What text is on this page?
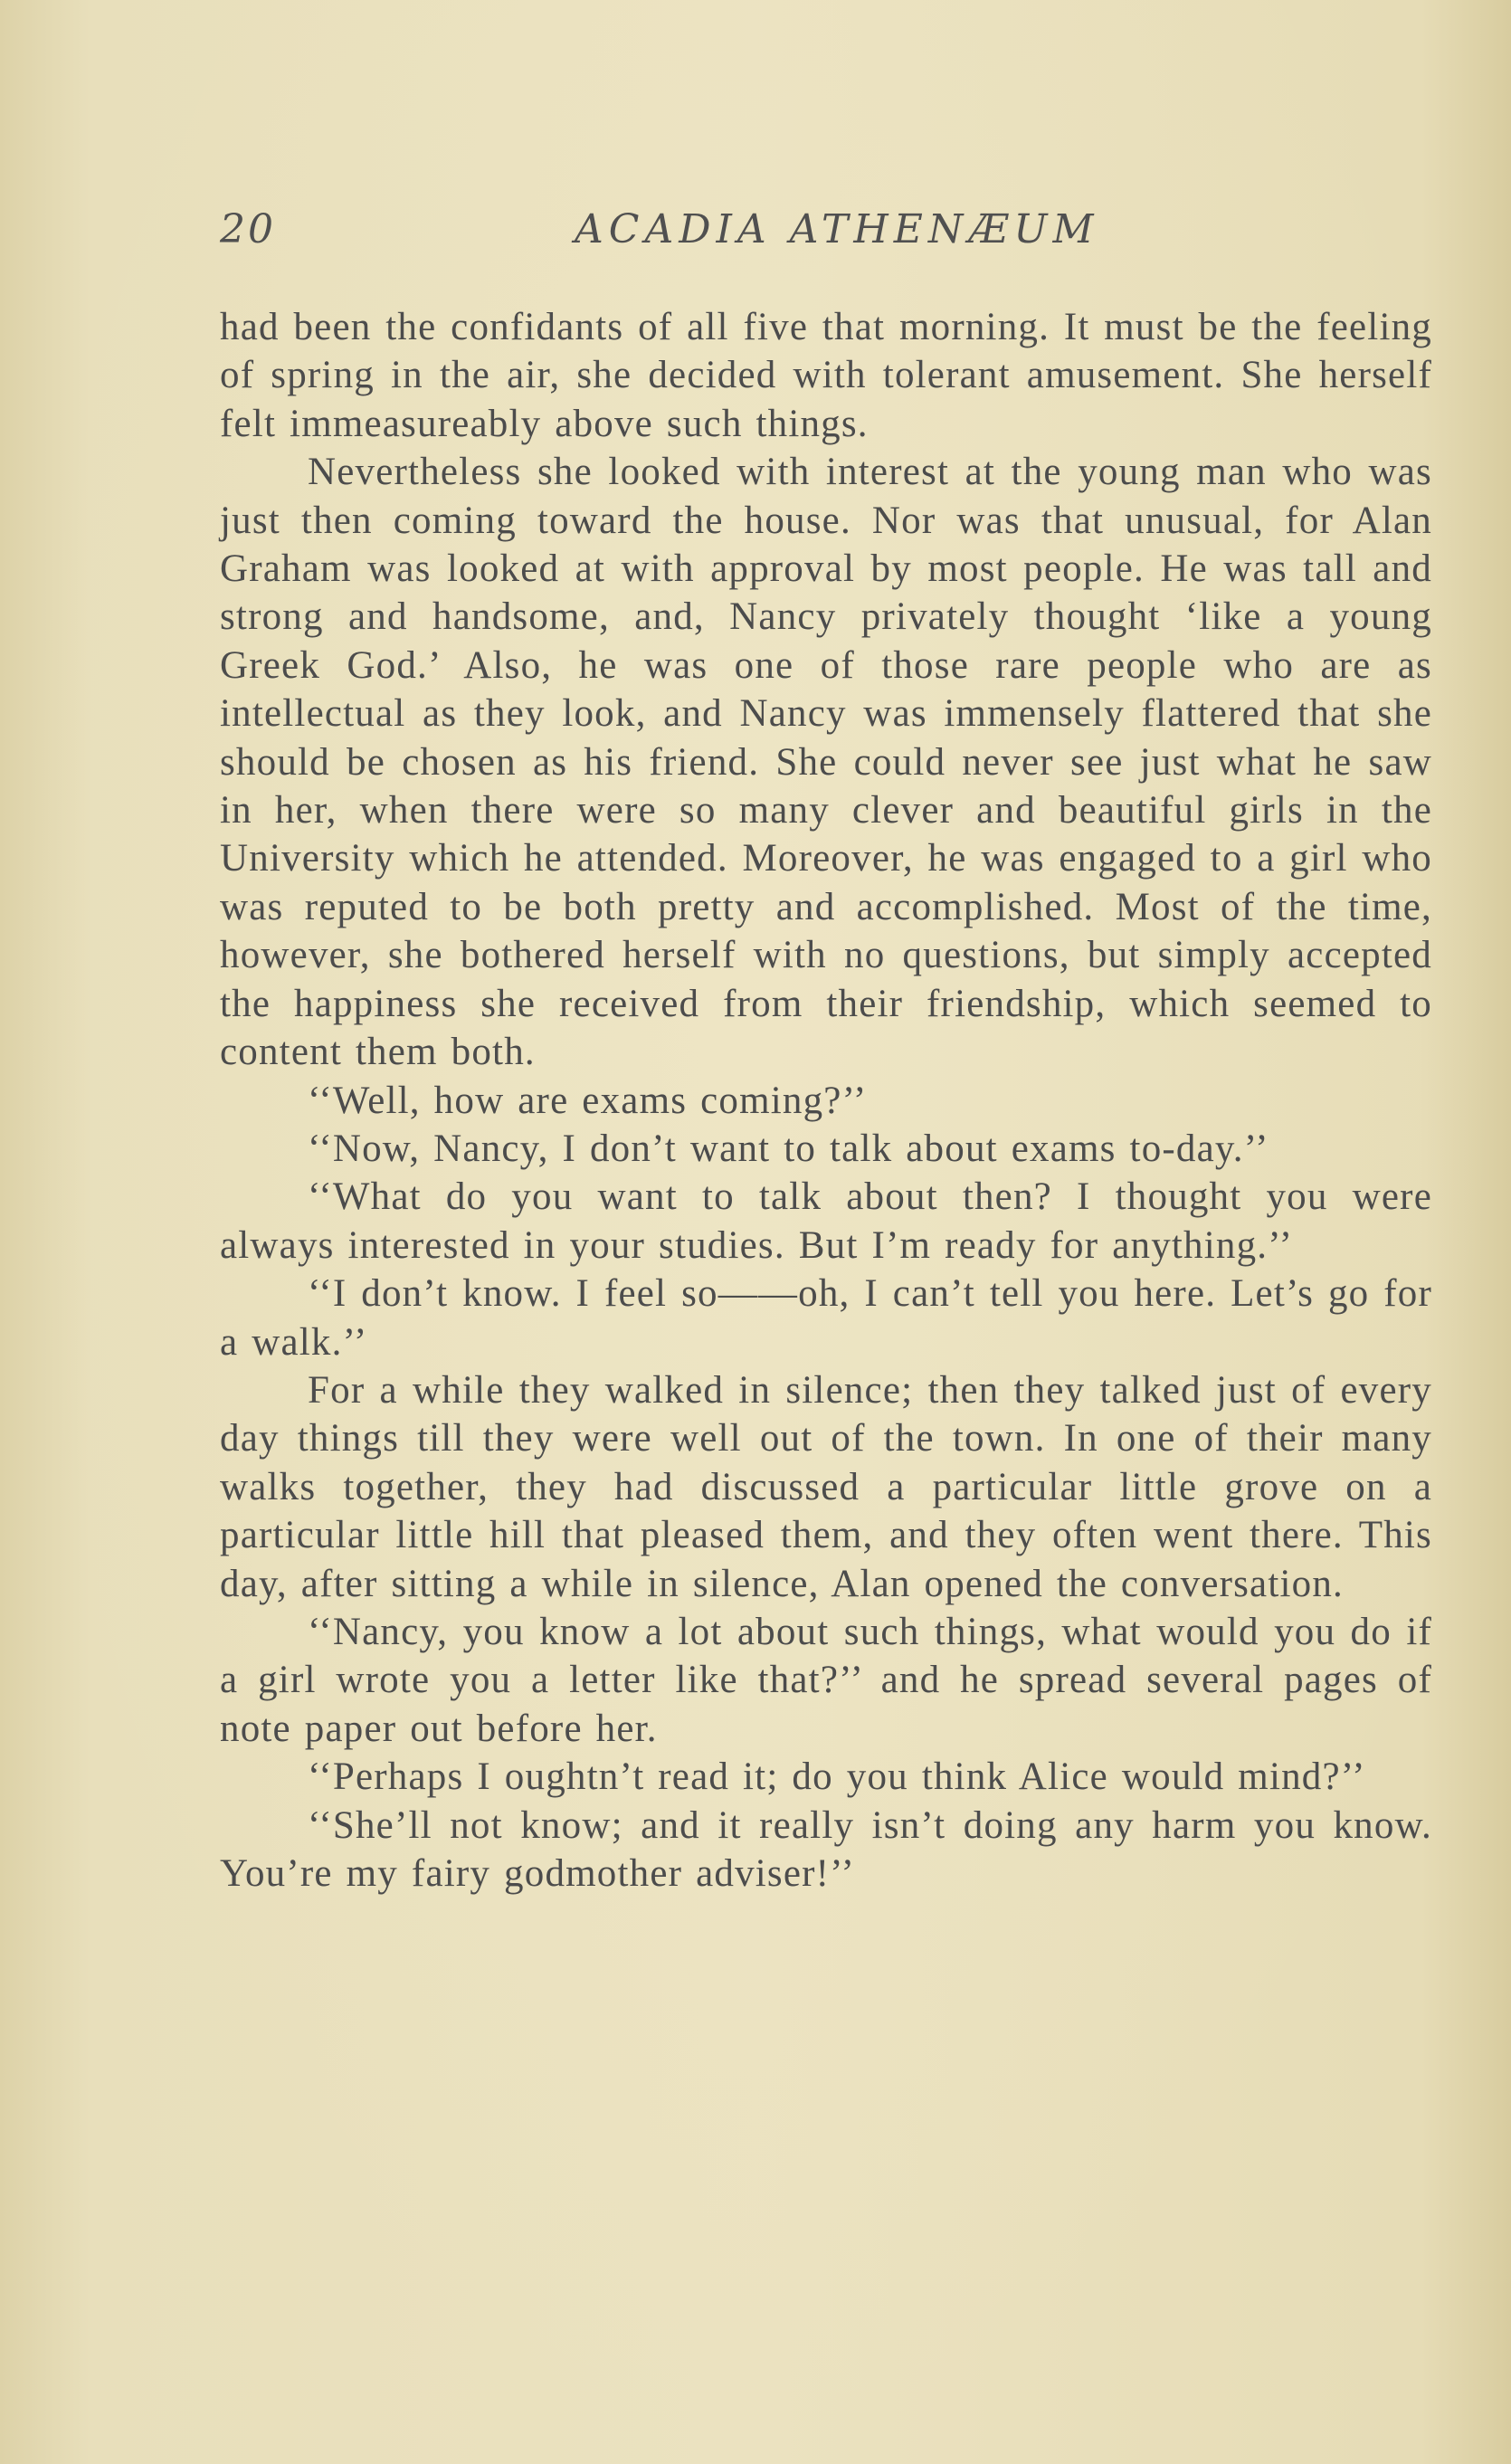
20	ACADIA ATHENÆUM

had been the confidants of all five that morning. It must be the feeling of spring in the air, she decided with tolerant amusement. She herself felt immeasureably above such things.

Nevertheless she looked with interest at the young man who was just then coming toward the house. Nor was that unusual, for Alan Graham was looked at with approval by most people. He was tall and strong and handsome, and, Nancy privately thought ‘like a young Greek God.’ Also, he was one of those rare people who are as intellectual as they look, and Nancy was immensely flattered that she should be chosen as his friend. She could never see just what he saw in her, when there were so many clever and beautiful girls in the University which he attended. Moreover, he was engaged to a girl who was reputed to be both pretty and accomplished. Most of the time, however, she bothered herself with no questions, but simply accepted the happiness she received from their friendship, which seemed to content them both.

‘‘Well, how are exams coming?’’

‘‘Now, Nancy, I don’t want to talk about exams to-day.’’

‘‘What do you want to talk about then? I thought you were always interested in your studies. But I’m ready for anything.’’

‘‘I don’t know. I feel so——oh, I can’t tell you here. Let’s go for a walk.’’

For a while they walked in silence; then they talked just of every day things till they were well out of the town. In one of their many walks together, they had discussed a particular little grove on a particular little hill that pleased them, and they often went there. This day, after sitting a while in silence, Alan opened the conversation.

‘‘Nancy, you know a lot about such things, what would you do if a girl wrote you a letter like that?’’ and he spread several pages of note paper out before her.

‘‘Perhaps I oughtn’t read it; do you think Alice would mind?’’

‘‘She’ll not know; and it really isn’t doing any harm you know. You’re my fairy godmother adviser!’’
